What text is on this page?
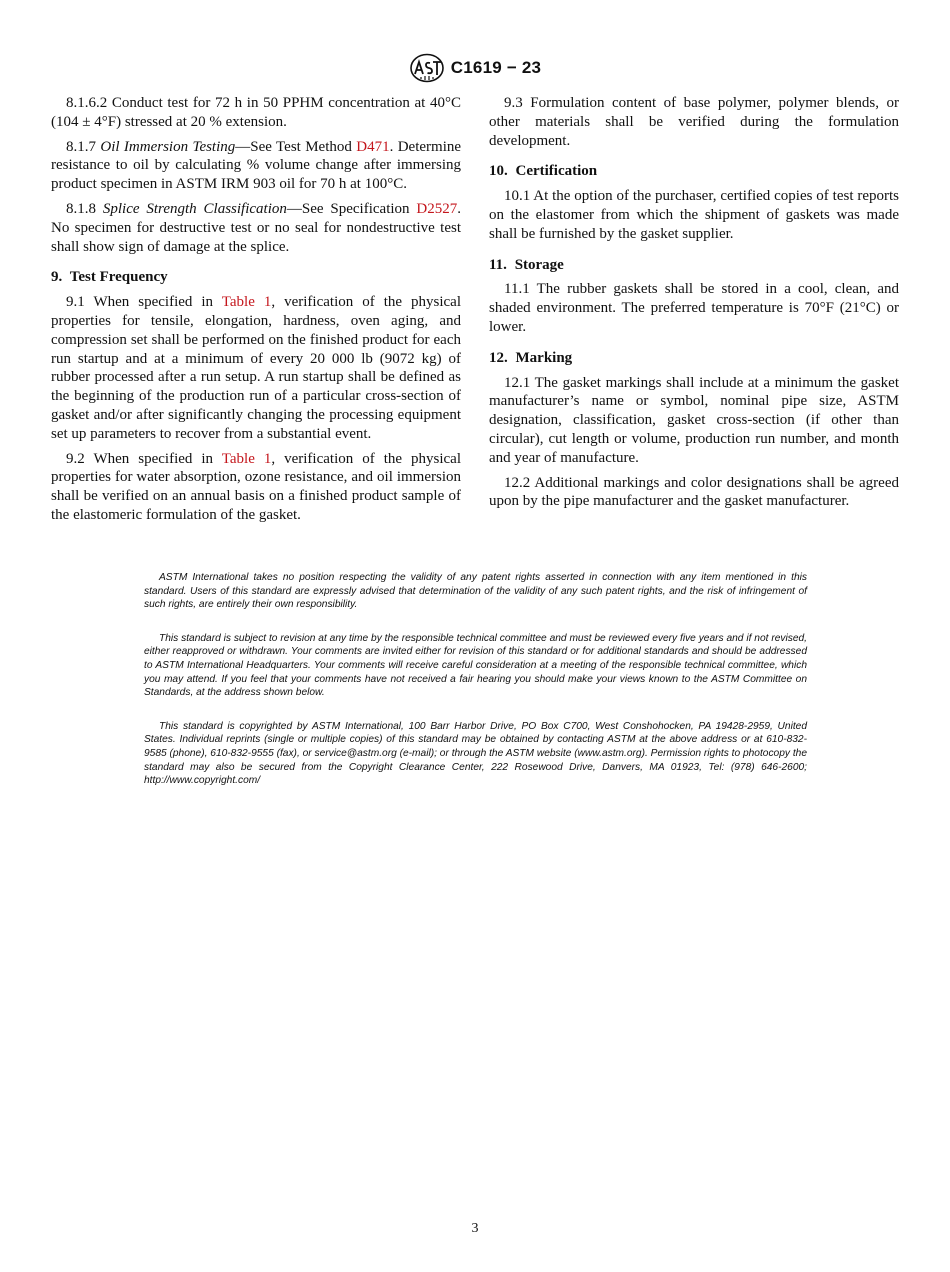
C1619 − 23

8.1.6.2 Conduct test for 72 h in 50 PPHM concentration at 40°C (104 ± 4°F) stressed at 20 % extension.

8.1.7 Oil Immersion Testing—See Test Method D471. Determine resistance to oil by calculating % volume change after immersing product specimen in ASTM IRM 903 oil for 70 h at 100°C.

8.1.8 Splice Strength Classification—See Specification D2527. No specimen for destructive test or no seal for nondestructive test shall show sign of damage at the splice.

9. Test Frequency

9.1 When specified in Table 1, verification of the physical properties for tensile, elongation, hardness, oven aging, and compression set shall be performed on the finished product for each run startup and at a minimum of every 20 000 lb (9072 kg) of rubber processed after a run setup. A run startup shall be defined as the beginning of the production run of a particular cross-section of gasket and/or after significantly changing the processing equipment set up parameters to recover from a substantial event.

9.2 When specified in Table 1, verification of the physical properties for water absorption, ozone resistance, and oil immersion shall be verified on an annual basis on a finished product sample of the elastomeric formulation of the gasket.

9.3 Formulation content of base polymer, polymer blends, or other materials shall be verified during the formulation development.

10. Certification

10.1 At the option of the purchaser, certified copies of test reports on the elastomer from which the shipment of gaskets was made shall be furnished by the gasket supplier.

11. Storage

11.1 The rubber gaskets shall be stored in a cool, clean, and shaded environment. The preferred temperature is 70°F (21°C) or lower.

12. Marking

12.1 The gasket markings shall include at a minimum the gasket manufacturer’s name or symbol, nominal pipe size, ASTM designation, classification, gasket cross-section (if other than circular), cut length or volume, production run number, and month and year of manufacture.

12.2 Additional markings and color designations shall be agreed upon by the pipe manufacturer and the gasket manufacturer.

ASTM International takes no position respecting the validity of any patent rights asserted in connection with any item mentioned in this standard. Users of this standard are expressly advised that determination of the validity of any such patent rights, and the risk of infringement of such rights, are entirely their own responsibility.

This standard is subject to revision at any time by the responsible technical committee and must be reviewed every five years and if not revised, either reapproved or withdrawn. Your comments are invited either for revision of this standard or for additional standards and should be addressed to ASTM International Headquarters. Your comments will receive careful consideration at a meeting of the responsible technical committee, which you may attend. If you feel that your comments have not received a fair hearing you should make your views known to the ASTM Committee on Standards, at the address shown below.

This standard is copyrighted by ASTM International, 100 Barr Harbor Drive, PO Box C700, West Conshohocken, PA 19428-2959, United States. Individual reprints (single or multiple copies) of this standard may be obtained by contacting ASTM at the above address or at 610-832-9585 (phone), 610-832-9555 (fax), or service@astm.org (e-mail); or through the ASTM website (www.astm.org). Permission rights to photocopy the standard may also be secured from the Copyright Clearance Center, 222 Rosewood Drive, Danvers, MA 01923, Tel: (978) 646-2600; http://www.copyright.com/

3
